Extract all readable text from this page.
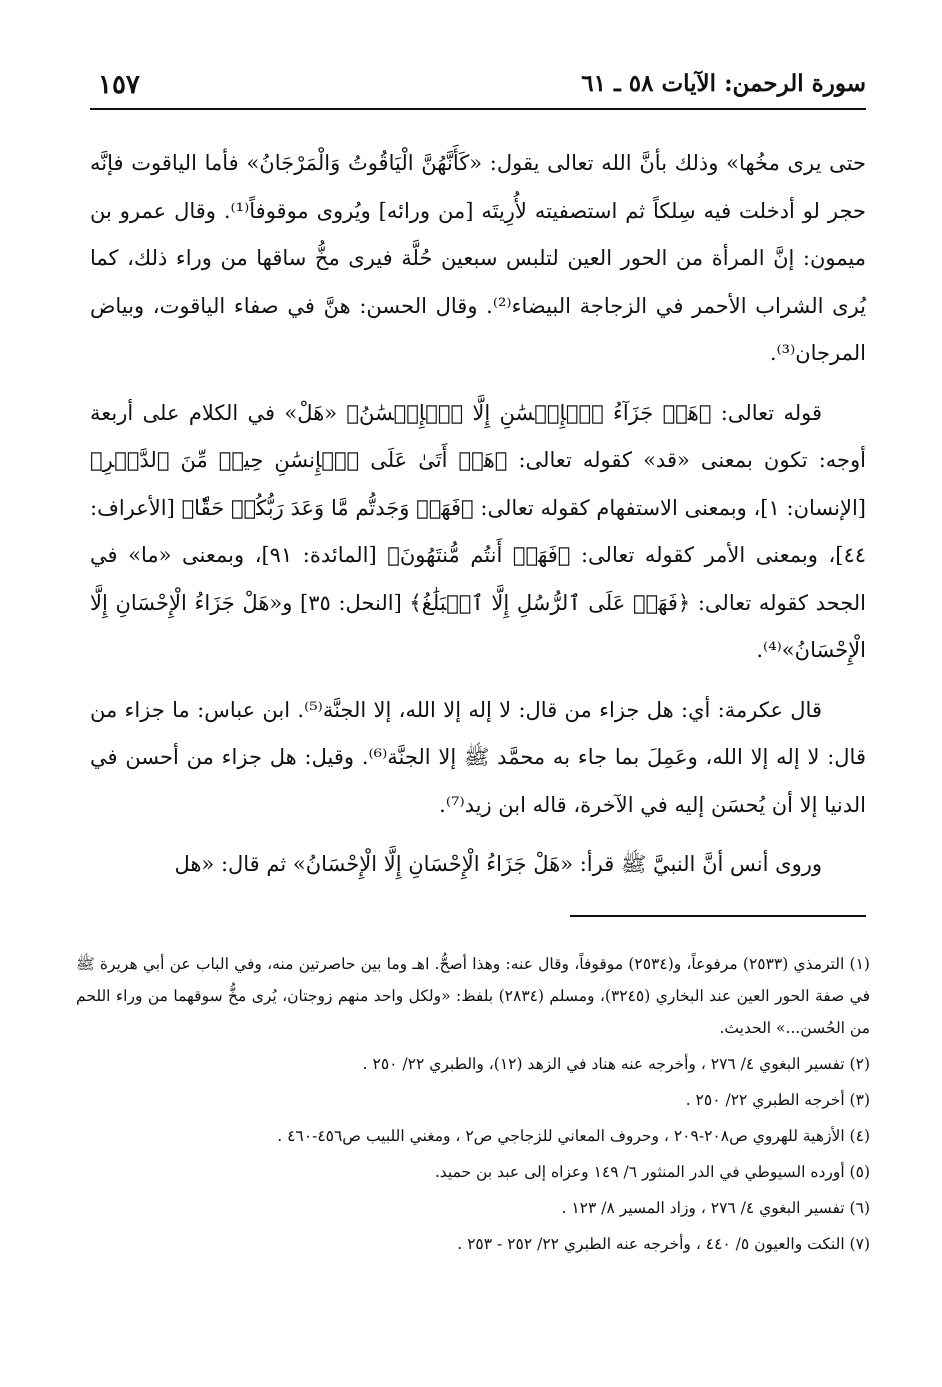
سورة الرحمن: الآيات ٥٨ ـ ٦١
١٥٧

حتى يرى مخُها» وذلك بأنَّ الله تعالى يقول: «كَأَنَّهُنَّ الْيَاقُوتُ وَالْمَرْجَانُ» فأما الياقوت فإنَّه حجر لو أدخلت فيه سِلكاً ثم استصفيته لأُرِيتَه [من ورائه] ويُروى موقوفاً⁽¹⁾. وقال عمرو بن ميمون: إنَّ المرأة من الحور العين لتلبس سبعين حُلَّة فيرى مخُّ ساقها من وراء ذلك، كما يُرى الشراب الأحمر في الزجاجة البيضاء⁽²⁾. وقال الحسن: هنَّ في صفاء الياقوت، وبياض المرجان⁽³⁾.

قوله تعالى: ﴿هَلۡ جَزَآءُ ٱلۡإِحۡسَٰنِ إِلَّا ٱلۡإِحۡسَٰنُ﴾ «هَلْ» في الكلام على أربعة أوجه: تكون بمعنى «قد» كقوله تعالى: ﴿هَلۡ أَتَىٰ عَلَى ٱلۡإِنسَٰنِ حِينٞ مِّنَ ٱلدَّهۡرِ﴾ [الإنسان: ١]، وبمعنى الاستفهام كقوله تعالى: ﴿فَهَلۡ وَجَدتُّم مَّا وَعَدَ رَبُّكُمۡ حَقّٗا﴾ [الأعراف: ٤٤]، وبمعنى الأمر كقوله تعالى: ﴿فَهَلۡ أَنتُم مُّنتَهُونَ﴾ [المائدة: ٩١]، وبمعنى «ما» في الجحد كقوله تعالى: ﴿فَهَلۡ عَلَى ٱلرُّسُلِ إِلَّا ٱلۡبَلَٰغُ﴾ [النحل: ٣٥] و«هَلْ جَزَاءُ الْإِحْسَانِ إِلَّا الْإِحْسَانُ»⁽⁴⁾.

قال عكرمة: أي: هل جزاء من قال: لا إله إلا الله، إلا الجنَّة⁽⁵⁾. ابن عباس: ما جزاء من قال: لا إله إلا الله، وعَمِلَ بما جاء به محمَّد ﷺ إلا الجنَّة⁽⁶⁾. وقيل: هل جزاء من أحسن في الدنيا إلا أن يُحسَن إليه في الآخرة، قاله ابن زيد⁽⁷⁾.

وروى أنس أنَّ النبيَّ ﷺ قرأ: «هَلْ جَزَاءُ الْإِحْسَانِ إِلَّا الْإِحْسَانُ» ثم قال: «هل

(١) الترمذي (٢٥٣٣) مرفوعاً، و(٢٥٣٤) موقوفاً، وقال عنه: وهذا أصحُّ. اهـ وما بين حاصرتين منه، وفي الباب عن أبي هريرة ﷺ في صفة الحور العين عند البخاري (٣٢٤٥)، ومسلم (٢٨٣٤) بلفظ: «ولكل واحد منهم زوجتان، يُرى مخُّ سوقهما من وراء اللحم من الحُسن...» الحديث.
(٢) تفسير البغوي ٤/ ٢٧٦ ، وأخرجه عنه هناد في الزهد (١٢)، والطبري ٢٢/ ٢٥٠ .
(٣) أخرجه الطبري ٢٢/ ٢٥٠ .
(٤) الأزهية للهروي ص٢٠٨-٢٠٩ ، وحروف المعاني للزجاجي ص٢ ، ومغني اللبيب ص٤٥٦-٤٦٠ .
(٥) أورده السيوطي في الدر المنثور ٦/ ١٤٩ وعزاه إلى عبد بن حميد.
(٦) تفسير البغوي ٤/ ٢٧٦ ، وزاد المسير ٨/ ١٢٣ .
(٧) النكت والعيون ٥/ ٤٤٠ ، وأخرجه عنه الطبري ٢٢/ ٢٥٢ - ٢٥٣ .
